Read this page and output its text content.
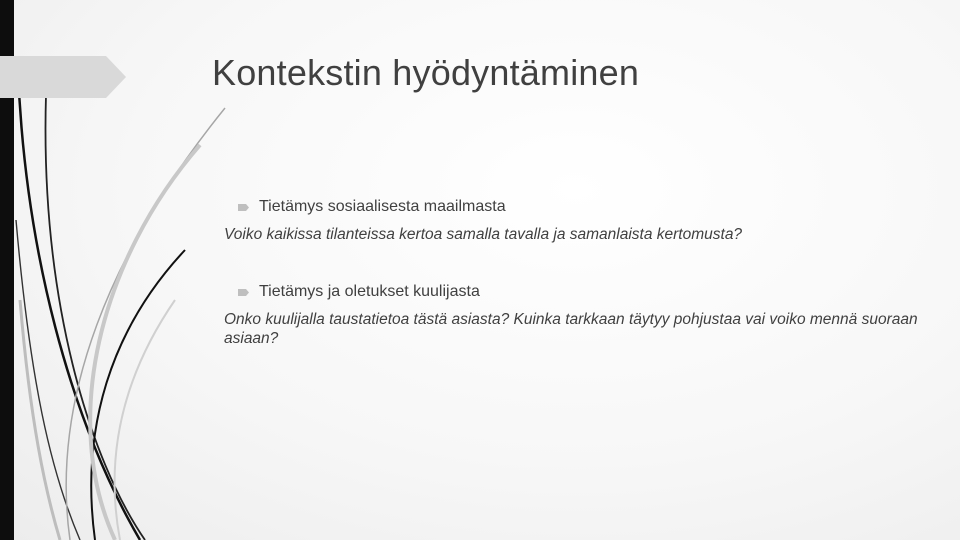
Kontekstin hyödyntäminen
Tietämys sosiaalisesta maailmasta
Voiko kaikissa tilanteissa kertoa samalla tavalla ja samanlaista kertomusta?
Tietämys ja oletukset kuulijasta
Onko kuulijalla taustatietoa tästä asiasta? Kuinka tarkkaan täytyy pohjustaa vai voiko mennä suoraan asiaan?
